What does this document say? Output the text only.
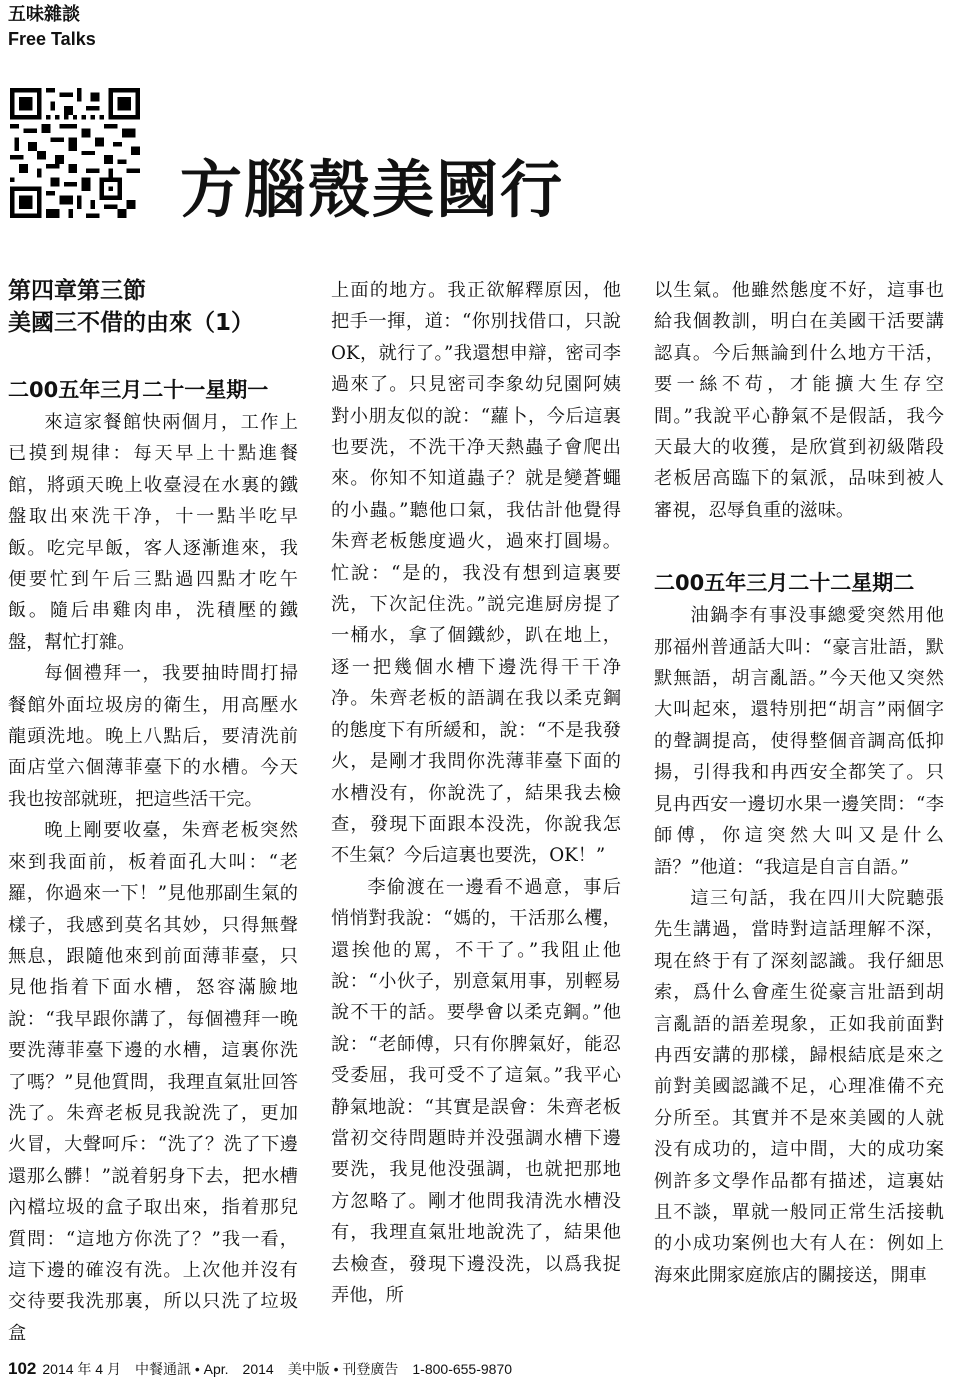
五味雜談
Free Talks
方腦殼美國行

第四章第三節

美國三不借的由來（1）

二00五年三月二十一星期一

來這家餐館快兩個月，工作上已摸到規律：每天早上十點進餐館，將頭天晚上收臺浸在水裏的鐵盤取出來洗干净，十一點半吃早飯。吃完早飯，客人逐漸進來，我便要忙到午后三點過四點才吃午飯。隨后串雞肉串，洗積壓的鐵盤，幫忙打雜。

每個禮拜一，我要抽時間打掃餐館外面垃圾房的衛生，用高壓水龍頭洗地。晚上八點后，要清洗前面店堂六個薄菲臺下的水槽。今天我也按部就班，把這些活干完。

晚上剛要收臺，朱齊老板突然來到我面前，板着面孔大叫：“老羅，你過來一下！”見他那副生氣的樣子，我感到莫名其妙，只得無聲無息，跟隨他來到前面薄菲臺，只見他指着下面水槽，怒容滿臉地說：“我早跟你講了，每個禮拜一晚要洗薄菲臺下邊的水槽，這裏你洗了嗎？”見他質問，我理直氣壯回答洗了。朱齊老板見我說洗了，更加火冒，大聲呵斥：“洗了？洗了下邊還那么髒！”説着躬身下去，把水槽內檔垃圾的盒子取出來，指着那兒質問：“這地方你洗了？”我一看，這下邊的確沒有洗。上次他并沒有交待要我洗那裏，所以只洗了垃圾盒

上面的地方。我正欲解釋原因，他把手一揮，道：“你別找借口，只說OK，就行了。”我還想申辯，密司李過來了。只見密司李象幼兒園阿姨對小朋友似的說：“蘿卜，今后這裏也要洗，不洗干净天熱蟲子會爬出來。你知不知道蟲子？就是變蒼蠅的小蟲。”聽他口氣，我估計他覺得朱齊老板態度過火，過來打圓場。忙說：“是的，我没有想到這裏要洗，下次記住洗。”説完進厨房提了一桶水，拿了個鐵紗，趴在地上，逐一把幾個水槽下邊洗得干干净净。朱齊老板的語調在我以柔克鋼的態度下有所緩和，說：“不是我發火，是剛才我問你洗薄菲臺下面的水槽没有，你說洗了，結果我去檢查，發現下面跟本没洗，你說我怎不生氣？今后這裏也要洗，OK！”

李偷渡在一邊看不過意，事后悄悄對我說：“媽的，干活那么欔，還挨他的罵，不干了。”我阻止他說：“小伙子，别意氣用事，别輕易說不干的話。要學會以柔克鋼。”他說：“老師傅，只有你脾氣好，能忍受委屈，我可受不了這氣。”我平心静氣地說：“其實是誤會：朱齊老板當初交待問題時并没强調水槽下邊要洗，我見他没强調，也就把那地方忽略了。剛才他問我清洗水槽没有，我理直氣壯地說洗了，結果他去檢查，發現下邊没洗，以爲我捉弄他，所

以生氣。他雖然態度不好，這事也給我個教訓，明白在美國干活要講認真。今后無論到什么地方干活，要一絲不苟，才能擴大生存空間。”我說平心静氣不是假話，我今天最大的收獲，是欣賞到初級階段老板居高臨下的氣派，品味到被人審視，忍辱負重的滋味。

二00五年三月二十二星期二

油鍋李有事没事總愛突然用他那福州普通話大叫：“豪言壯語，默默無語，胡言亂語。”今天他又突然大叫起來，還特別把“胡言”兩個字的聲調提高，使得整個音調高低抑揚，引得我和冉西安全都笑了。只見冉西安一邊切水果一邊笑問：“李師傅，你這突然大叫又是什么語？”他道：“我這是自言自語。”

這三句話，我在四川大院聽張先生講過，當時對這話理解不深，現在終于有了深刻認識。我仔細思索，爲什么會產生從豪言壯語到胡言亂語的語差現象，正如我前面對冉西安講的那樣，歸根結底是來之前對美國認識不足，心理准備不充分所至。其實并不是來美國的人就没有成功的，這中間，大的成功案例許多文學作品都有描述，這裏姑且不談，單就一般同正常生活接軌的小成功案例也大有人在：例如上海來此開家庭旅店的關接送，開車

102 2014 年 4 月　中餐通訊 • Apr.　2014　美中版 • 刊登廣告　1-800-655-9870
